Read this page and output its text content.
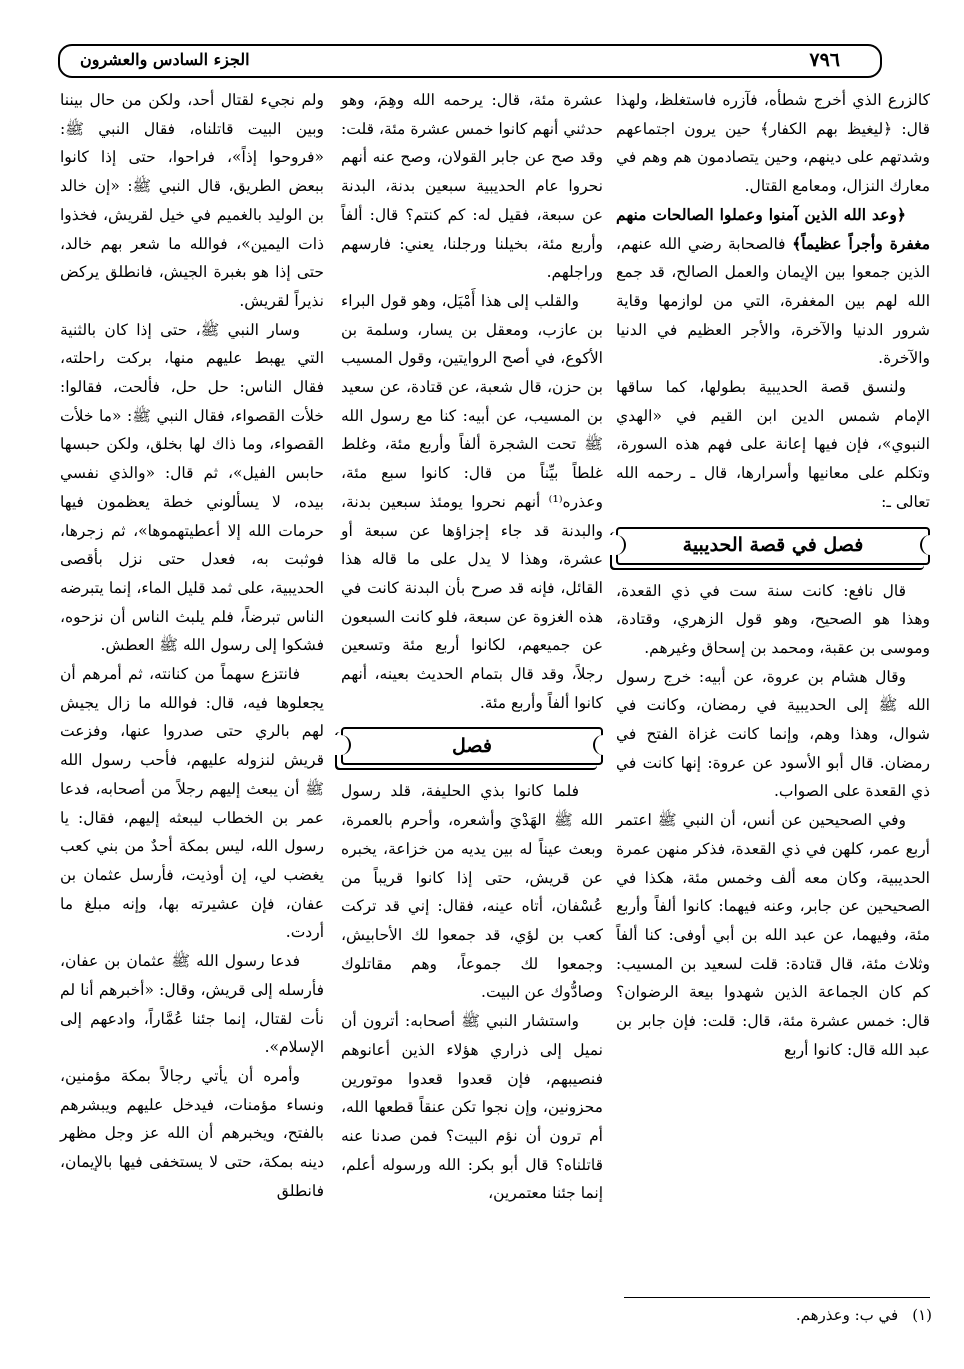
٧٩٦
الجزء السادس والعشرون

كالزرع الذي أخرج شطأه، فآزره فاستغلظ، ولهذا قال: ﴿ليغيظ بهم الكفار﴾ حين يرون اجتماعهم وشدتهم على دينهم، وحين يتصادمون هم وهم في معارك النزال، ومعامع القتال.

﴿وعد الله الذين آمنوا وعملوا الصالحات منهم مغفرة وأجراً عظيماً﴾ فالصحابة رضي الله عنهم، الذين جمعوا بين الإيمان والعمل الصالح، قد جمع الله لهم بين المغفرة، التي من لوازمها وقاية شرور الدنيا والآخرة، والأجر العظيم في الدنيا والآخرة.

ولنسق قصة الحديبية بطولها، كما ساقها الإمام شمس الدين ابن القيم في «الهدي النبوي»، فإن فيها إعانة على فهم هذه السورة، وتكلم على معانيها وأسرارها، قال ـ رحمه الله تعالى ـ:

فصل في قصة الحديبية

قال نافع: كانت سنة ست في ذي القعدة، وهذا هو الصحيح، وهو قول الزهري، وقتادة، وموسى بن عقبة، ومحمد بن إسحاق وغيرهم.

وقال هشام بن عروة، عن أبيه: خرج رسول الله ﷺ إلى الحديبية في رمضان، وكانت في شوال، وهذا وهم، وإنما كانت غزاة الفتح في رمضان. قال أبو الأسود عن عروة: إنها كانت في ذي القعدة على الصواب.

وفي الصحيحين عن أنس، أن النبي ﷺ اعتمر أربع عمر، كلهن في ذي القعدة، فذكر منهن عمرة الحديبية، وكان معه ألف وخمس مئة، هكذا في الصحيحين عن جابر، وعنه فيهما: كانوا ألفاً وأربع مئة، وفيهما، عن عبد الله بن أبي أوفى: كنا ألفاً وثلاث مئة، قال قتادة: قلت لسعيد بن المسيب: كم كان الجماعة الذين شهدوا بيعة الرضوان؟ قال: خمس عشرة مئة، قال: قلت: فإن جابر بن عبد الله قال: كانوا أربع

عشرة مئة، قال: يرحمه الله وهِمَ، وهو حدثني أنهم كانوا خمس عشرة مئة، قلت: وقد صح عن جابر القولان، وصح عنه أنهم نحروا عام الحديبية سبعين بدنة، البدنة عن سبعة، فقيل له: كم كنتم؟ قال: ألفاً وأربع مئة، بخيلنا ورجلنا، يعني: فارسهم وراجلهم.

والقلب إلى هذا أَمْيَل، وهو قول البراء بن عازب، ومعقل بن يسار، وسلمة بن الأكوع، في أصح الروايتين، وقول المسيب بن حزن، قال شعبة، عن قتادة، عن سعيد بن المسيب، عن أبيه: كنا مع رسول الله ﷺ تحت الشجرة ألفاً وأربع مئة، وغلط غلطاً بيِّناً من قال: كانوا سبع مئة، وعذره⁽¹⁾ أنهم نحروا يومئذ سبعين بدنة، والبدنة قد جاء إجزاؤها عن سبعة أو عشرة، وهذا لا يدل على ما قاله هذا القائل، فإنه قد صرح بأن البدنة كانت في هذه الغزوة عن سبعة، فلو كانت السبعون عن جميعهم، لكانوا أربع مئة وتسعين رجلاً، وقد قال بتمام الحديث بعينه، أنهم كانوا ألفاً وأربع مئة.

فصل

فلما كانوا بذي الحليفة، قلد رسول الله ﷺ الهَدْيَ وأشعره، وأحرم بالعمرة، وبعث عيناً له بين يديه من خزاعة، يخبره عن قريش، حتى إذا كانوا قريباً من عُسْفان، أتاه عينه، فقال: إني قد تركت كعب بن لؤي، قد جمعوا لك الأحابيش، وجمعوا لك جموعاً، وهم مقاتلوك وصادُّوك عن البيت.

واستشار النبي ﷺ أصحابه: أترون أن نميل إلى ذراري هؤلاء الذين أعانوهم فنصيبهم، فإن قعدوا قعدوا موتورين محزونين، وإن نجوا تكن عنقاً قطعها الله، أم ترون أن نؤم البيت؟ فمن صدنا عنه قاتلناه؟ قال أبو بكر: الله ورسوله أعلم، إنما جئنا معتمرين،

ولم نجيء لقتال أحد، ولكن من حال بيننا وبين البيت قاتلناه، فقال النبي ﷺ: «فروحوا إذاً»، فراحوا، حتى إذا كانوا ببعض الطريق، قال النبي ﷺ: «إن خالد بن الوليد بالغميم في خيل لقريش، فخذوا ذات اليمين»، فوالله ما شعر بهم خالد، حتى إذا هو بغبرة الجيش، فانطلق يركض نذيراً لقريش.

وسار النبي ﷺ، حتى إذا كان بالثنية التي يهبط عليهم منها، بركت راحلته، فقال الناس: حل حل، فألحت، فقالوا: خلأت القصواء، فقال النبي ﷺ: «ما خلأت القصواء، وما ذاك لها بخلق، ولكن حبسها حابس الفيل»، ثم قال: «والذي نفسي بيده، لا يسألوني خطة يعظمون فيها حرمات الله إلا أعطيتهموها»، ثم زجرها، فوثبت به، فعدل حتى نزل بأقصى الحديبية، على ثمد قليل الماء، إنما يتبرضه الناس تبرضاً، فلم يلبث الناس أن نزحوه، فشكوا إلى رسول الله ﷺ العطش.

فانتزع سهماً من كنانته، ثم أمرهم أن يجعلوها فيه، قال: فوالله ما زال يجيش لهم بالري حتى صدروا عنها، وفزعت قريش لنزوله عليهم، فأحب رسول الله ﷺ أن يبعث إليهم رجلاً من أصحابه، فدعا عمر بن الخطاب ليبعثه إليهم، فقال: يا رسول الله، ليس بمكة أحدٌ من بني كعب يغضب لي، إن أوذيت، فأرسل عثمان بن عفان، فإن عشيرته بها، وإنه مبلغ ما أردت.

فدعا رسول الله ﷺ عثمان بن عفان، فأرسله إلى قريش، وقال: «أخبرهم أنا لم نأت لقتال، إنما جئنا عُمَّاراً، وادعهم إلى الإسلام».

وأمره أن يأتي رجالاً بمكة مؤمنين، ونساء مؤمنات، فيدخل عليهم ويبشرهم بالفتح، ويخبرهم أن الله عز وجل مظهر دينه بمكة، حتى لا يستخفى فيها بالإيمان، فانطلق

(١)في ب: وعذرهم.
